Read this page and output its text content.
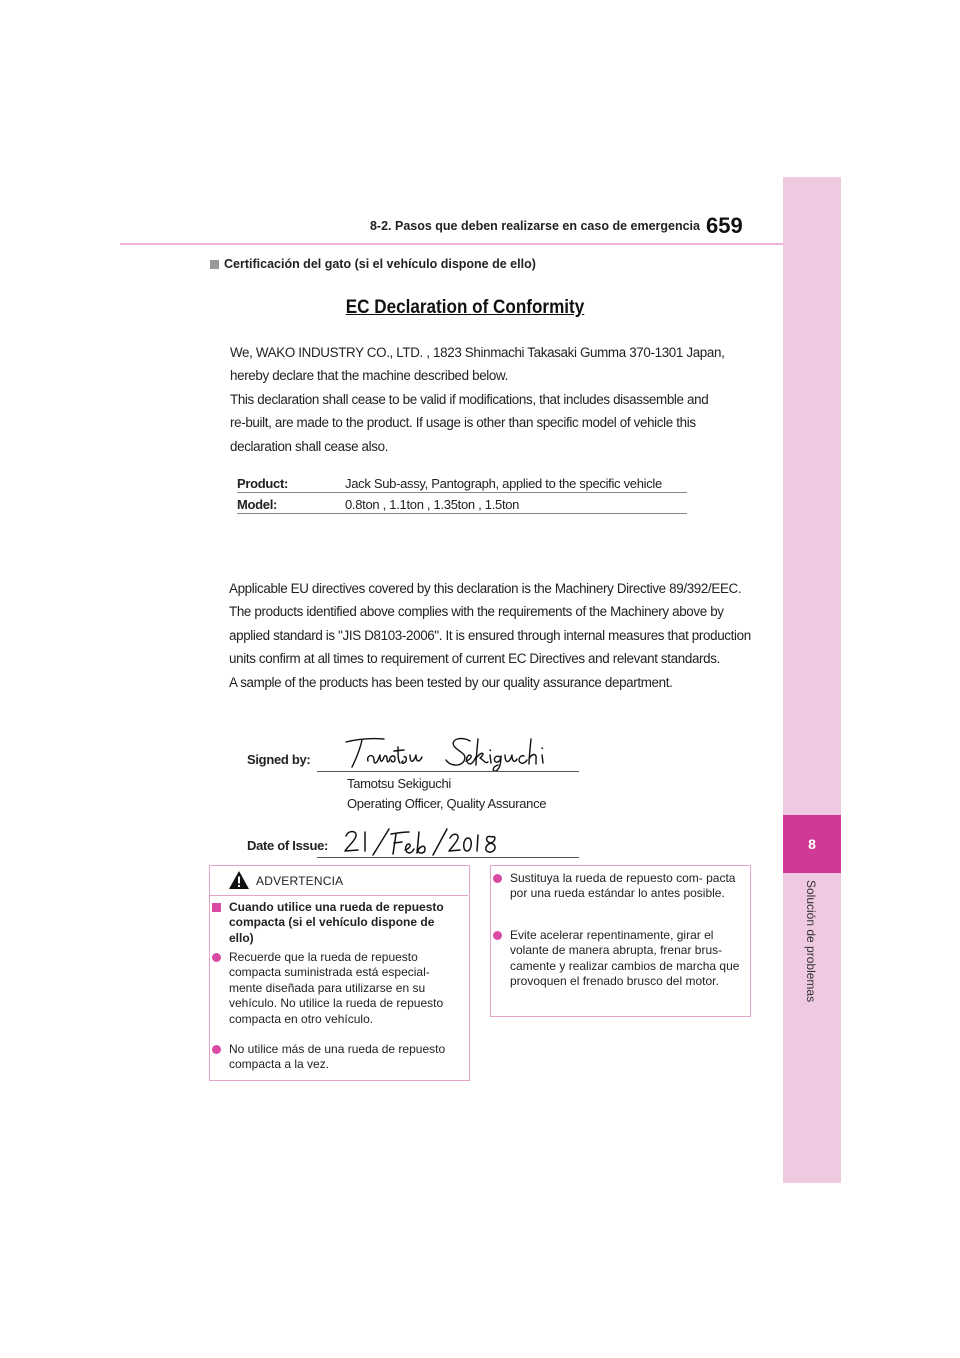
8-2. Pasos que deben realizarse en caso de emergencia 659
8
Solución de problemas
Certificación del gato (si el vehículo dispone de ello)
EC Declaration of Conformity
We, WAKO INDUSTRY CO., LTD. , 1823 Shinmachi Takasaki Gumma 370-1301 Japan,
hereby declare that the machine described below.
This declaration shall cease to be valid if modifications, that includes disassemble and
re-built, are made to the product. If usage is other than specific model of vehicle this
declaration shall cease also.
Product:	Jack Sub-assy, Pantograph, applied to the specific vehicle
Model:	0.8ton , 1.1ton , 1.35ton , 1.5ton
Applicable EU directives covered by this declaration is the Machinery Directive 89/392/EEC.
The products identified above complies with the requirements of the Machinery above by
applied standard is "JIS D8103-2006". It is ensured through internal measures that production
units confirm at all times to requirement of current EC Directives and relevant standards.
A sample of the products has been tested by our quality assurance department.
Signed by:
Tamotsu Sekiguchi
Operating Officer, Quality Assurance
Date of Issue:
ADVERTENCIA
Cuando utilice una rueda de repuesto compacta (si el vehículo dispone de ello)
Recuerde que la rueda de repuesto compacta suministrada está especial- mente diseñada para utilizarse en su vehículo. No utilice la rueda de repuesto compacta en otro vehículo.
No utilice más de una rueda de repuesto compacta a la vez.
Sustituya la rueda de repuesto com- pacta por una rueda estándar lo antes posible.
Evite acelerar repentinamente, girar el volante de manera abrupta, frenar brus- camente y realizar cambios de marcha que provoquen el frenado brusco del motor.
